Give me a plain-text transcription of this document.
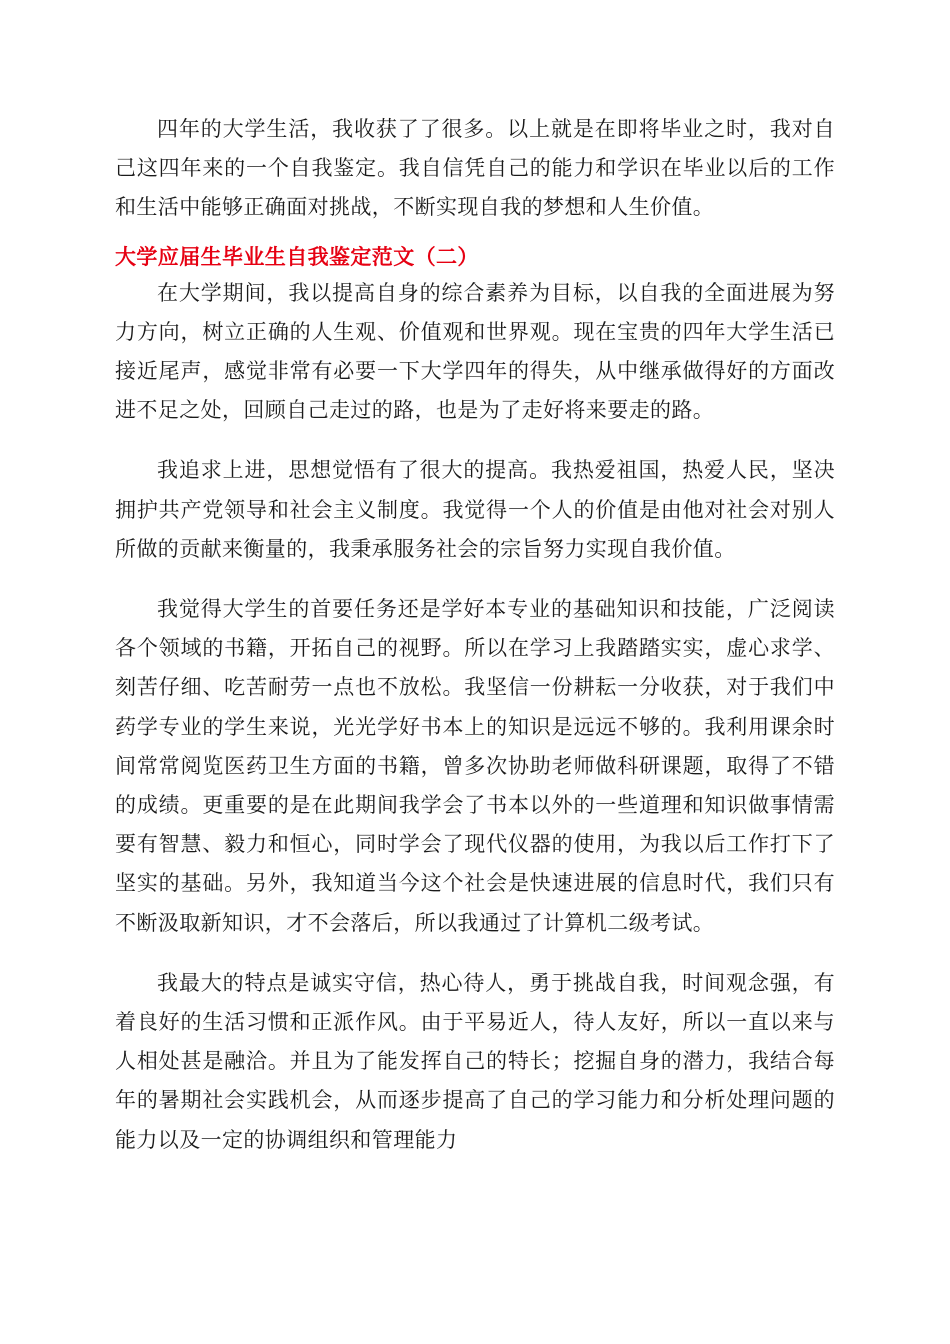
四年的大学生活，我收获了了很多。以上就是在即将毕业之时，我对自己这四年来的一个自我鉴定。我自信凭自己的能力和学识在毕业以后的工作和生活中能够正确面对挑战，不断实现自我的梦想和人生价值。

大学应届生毕业生自我鉴定范文（二）

在大学期间，我以提高自身的综合素养为目标，以自我的全面进展为努力方向，树立正确的人生观、价值观和世界观。现在宝贵的四年大学生活已接近尾声，感觉非常有必要一下大学四年的得失，从中继承做得好的方面改进不足之处，回顾自己走过的路，也是为了走好将来要走的路。

我追求上进，思想觉悟有了很大的提高。我热爱祖国，热爱人民，坚决拥护共产党领导和社会主义制度。我觉得一个人的价值是由他对社会对别人所做的贡献来衡量的，我秉承服务社会的宗旨努力实现自我价值。

我觉得大学生的首要任务还是学好本专业的基础知识和技能，广泛阅读各个领域的书籍，开拓自己的视野。所以在学习上我踏踏实实，虚心求学、刻苦仔细、吃苦耐劳一点也不放松。我坚信一份耕耘一分收获，对于我们中药学专业的学生来说，光光学好书本上的知识是远远不够的。我利用课余时间常常阅览医药卫生方面的书籍，曾多次协助老师做科研课题，取得了不错的成绩。更重要的是在此期间我学会了书本以外的一些道理和知识做事情需要有智慧、毅力和恒心，同时学会了现代仪器的使用，为我以后工作打下了坚实的基础。另外，我知道当今这个社会是快速进展的信息时代，我们只有不断汲取新知识，才不会落后，所以我通过了计算机二级考试。

我最大的特点是诚实守信，热心待人，勇于挑战自我，时间观念强，有着良好的生活习惯和正派作风。由于平易近人，待人友好，所以一直以来与人相处甚是融洽。并且为了能发挥自己的特长；挖掘自身的潜力，我结合每年的暑期社会实践机会，从而逐步提高了自己的学习能力和分析处理问题的能力以及一定的协调组织和管理能力
